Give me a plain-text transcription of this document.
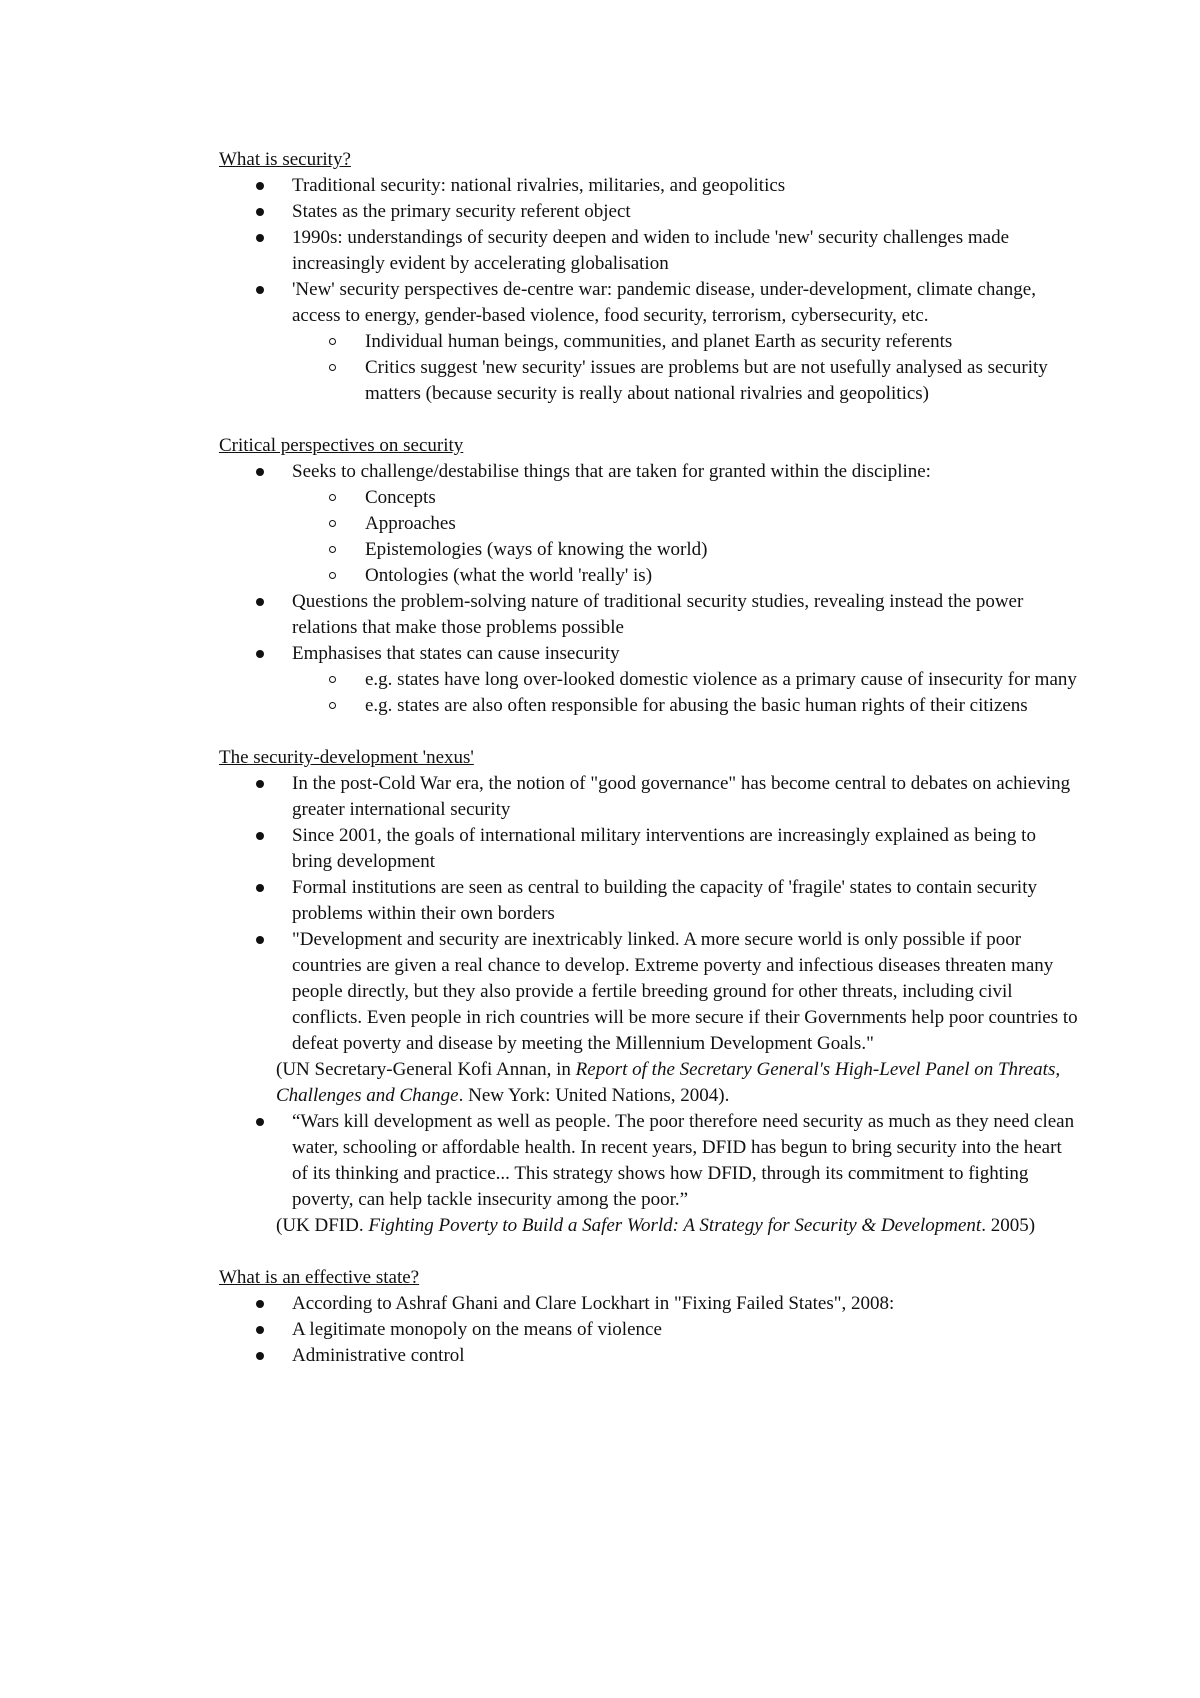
What is security?
Traditional security: national rivalries, militaries, and geopolitics
States as the primary security referent object
1990s: understandings of security deepen and widen to include 'new' security challenges made increasingly evident by accelerating globalisation
'New' security perspectives de-centre war: pandemic disease, under-development, climate change, access to energy, gender-based violence, food security, terrorism, cybersecurity, etc.
Individual human beings, communities, and planet Earth as security referents
Critics suggest 'new security' issues are problems but are not usefully analysed as security matters (because security is really about national rivalries and geopolitics)
Critical perspectives on security
Seeks to challenge/destabilise things that are taken for granted within the discipline:
Concepts
Approaches
Epistemologies (ways of knowing the world)
Ontologies (what the world 'really' is)
Questions the problem-solving nature of traditional security studies, revealing instead the power relations that make those problems possible
Emphasises that states can cause insecurity
e.g. states have long over-looked domestic violence as a primary cause of insecurity for many
e.g. states are also often responsible for abusing the basic human rights of their citizens
The security-development 'nexus'
In the post-Cold War era, the notion of "good governance" has become central to debates on achieving greater international security
Since 2001, the goals of international military interventions are increasingly explained as being to bring development
Formal institutions are seen as central to building the capacity of 'fragile' states to contain security problems within their own borders
"Development and security are inextricably linked. A more secure world is only possible if poor countries are given a real chance to develop. Extreme poverty and infectious diseases threaten many people directly, but they also provide a fertile breeding ground for other threats, including civil conflicts. Even people in rich countries will be more secure if their Governments help poor countries to defeat poverty and disease by meeting the Millennium Development Goals."
(UN Secretary-General Kofi Annan, in Report of the Secretary General's High-Level Panel on Threats, Challenges and Change. New York: United Nations, 2004).
“Wars kill development as well as people. The poor therefore need security as much as they need clean water, schooling or affordable health. In recent years, DFID has begun to bring security into the heart of its thinking and practice... This strategy shows how DFID, through its commitment to fighting poverty, can help tackle insecurity among the poor.”
(UK DFID. Fighting Poverty to Build a Safer World: A Strategy for Security & Development. 2005)
What is an effective state?
According to Ashraf Ghani and Clare Lockhart in "Fixing Failed States", 2008:
A legitimate monopoly on the means of violence
Administrative control
